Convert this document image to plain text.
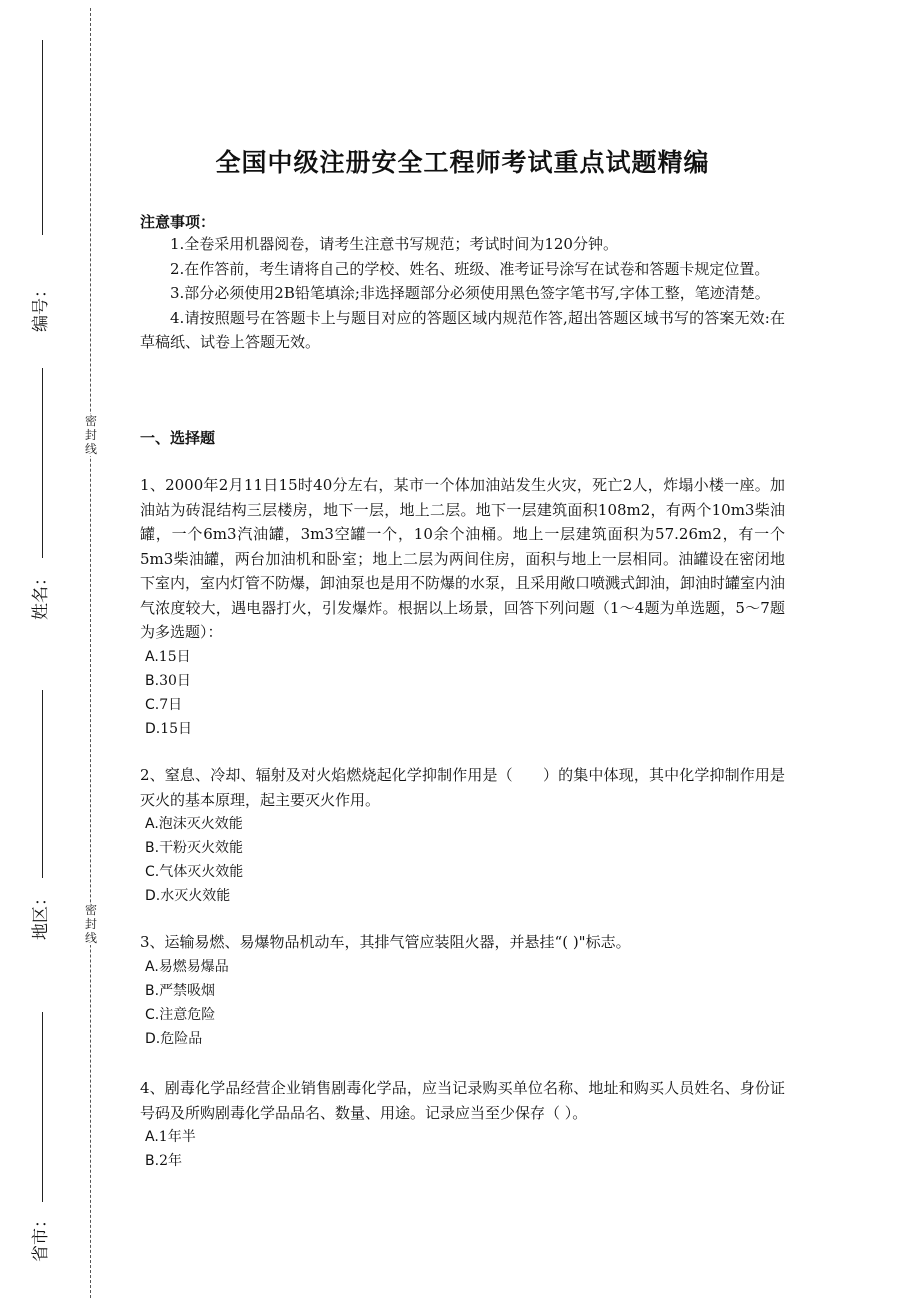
编号：
姓名：
地区：
省市：
密
封
线
密
封
线
全国中级注册安全工程师考试重点试题精编
注意事项：

1.全卷采用机器阅卷，请考生注意书写规范；考试时间为120分钟。

2.在作答前，考生请将自己的学校、姓名、班级、准考证号涂写在试卷和答题卡规定位置。

3.部分必须使用2B铅笔填涂;非选择题部分必须使用黑色签字笔书写,字体工整，笔迹清楚。

4.请按照题号在答题卡上与题目对应的答题区域内规范作答,超出答题区域书写的答案无效:在草稿纸、试卷上答题无效。

一、选择题

1、2000年2月11日15时40分左右，某市一个体加油站发生火灾，死亡2人，炸塌小楼一座。加油站为砖混结构三层楼房，地下一层，地上二层。地下一层建筑面积108m2，有两个10m3柴油罐，一个6m3汽油罐，3m3空罐一个，10余个油桶。地上一层建筑面积为57.26m2，有一个5m3柴油罐，两台加油机和卧室；地上二层为两间住房，面积与地上一层相同。油罐设在密闭地下室内，室内灯管不防爆，卸油泵也是用不防爆的水泵，且采用敞口喷溅式卸油，卸油时罐室内油气浓度较大，遇电器打火，引发爆炸。根据以上场景，回答下列问题（1～4题为单选题，5～7题为多选题）：

A.15日
B.30日
C.7日
D.15日

2、窒息、冷却、辐射及对火焰燃烧起化学抑制作用是（　　）的集中体现，其中化学抑制作用是灭火的基本原理，起主要灭火作用。

A.泡沫灭火效能
B.干粉灭火效能
C.气体灭火效能
D.水灭火效能

3、运输易燃、易爆物品机动车，其排气管应装阻火器，并悬挂“( )"标志。

A.易燃易爆品
B.严禁吸烟
C.注意危险
D.危险品

4、剧毒化学品经营企业销售剧毒化学品，应当记录购买单位名称、地址和购买人员姓名、身份证号码及所购剧毒化学品品名、数量、用途。记录应当至少保存（ ）。

A.1年半
B.2年
